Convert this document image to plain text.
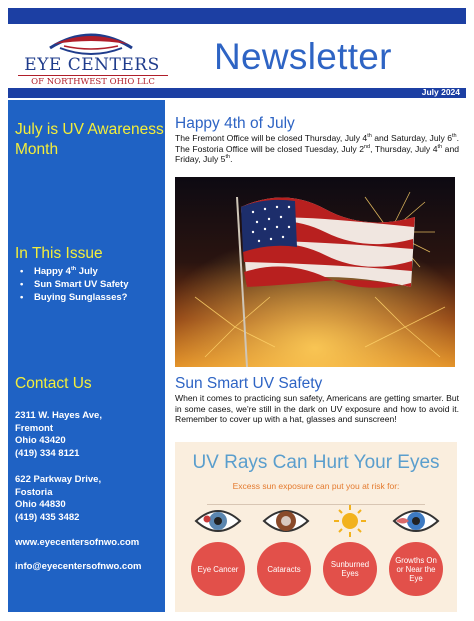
EYE CENTERS
OF NORTHWEST OHIO LLC
Newsletter
July 2024
July is UV Awareness Month
In This Issue
• Happy 4th July
• Sun Smart UV Safety
• Buying Sunglasses?
Contact Us
2311 W. Hayes Ave,
Fremont
Ohio 43420
(419) 334 8121
622 Parkway Drive,
Fostoria
Ohio 44830
(419) 435 3482
www.eyecentersofnwo.com
info@eyecentersofnwo.com
Happy 4th of July

The Fremont Office will be closed Thursday, July 4th and Saturday, July 6th. The Fostoria Office will be closed Tuesday, July 2nd, Thursday, July 4th and Friday, July 5th.

Sun Smart UV Safety

When it comes to practicing sun safety, Americans are getting smarter. But in some cases, we're still in the dark on UV exposure and how to avoid it. Remember to cover up with a hat, glasses and sunscreen!

UV Rays Can Hurt Your Eyes
Excess sun exposure can put you at risk for:
Eye Cancer	Cataracts	Sunburned Eyes
Growths On or Near the Eye
